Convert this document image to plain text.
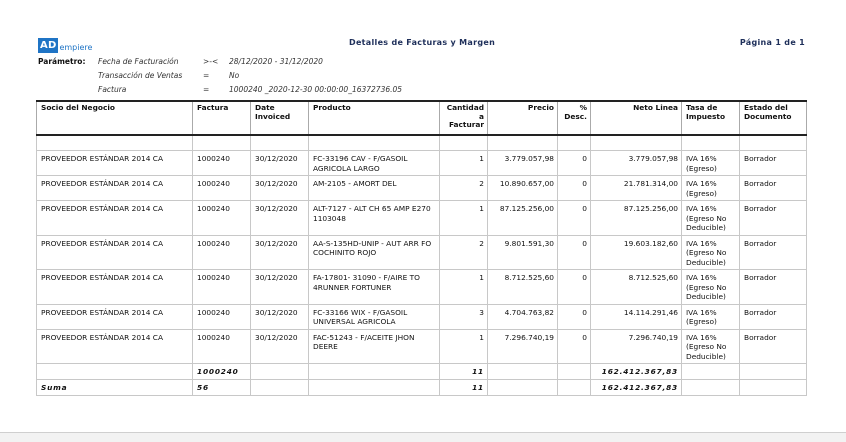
AD empiere	Detalles de Facturas y Margen	Página 1 de 1
Parámetro: Fecha de Facturación	>-< 28/12/2020 - 31/12/2020
Transacción de Ventas	=	No
Factura	=	1000240 _2020-12-30 00:00:00_16372736.05
Socio del Negocio	Factura	Date Invoiced	Producto	Cantidad a Facturar	Precio	% Desc.	Neto Linea	Tasa de Impuesto	Estado del Documento

PROVEEDOR ESTÁNDAR 2014 CA	1000240	30/12/2020	FC-33196 CAV - F/GASOIL AGRICOLA LARGO	1	3.779.057,98	0	3.779.057,98	IVA 16% (Egreso)	Borrador
PROVEEDOR ESTÁNDAR 2014 CA	1000240	30/12/2020	AM-2105 - AMORT DEL	2	10.890.657,00	0	21.781.314,00	IVA 16% (Egreso)	Borrador
PROVEEDOR ESTÁNDAR 2014 CA	1000240	30/12/2020	ALT-7127 - ALT CH 65 AMP E270 1103048	1	87.125.256,00	0	87.125.256,00	IVA 16% (Egreso No Deducible)	Borrador
PROVEEDOR ESTÁNDAR 2014 CA	1000240	30/12/2020	AA-S-135HD-UNIP - AUT ARR FO COCHINITO ROJO	2	9.801.591,30	0	19.603.182,60	IVA 16% (Egreso No Deducible)	Borrador
PROVEEDOR ESTÁNDAR 2014 CA	1000240	30/12/2020	FA-17801- 31090 - F/AIRE TO 4RUNNER FORTUNER	1	8.712.525,60	0	8.712.525,60	IVA 16% (Egreso No Deducible)	Borrador
PROVEEDOR ESTÁNDAR 2014 CA	1000240	30/12/2020	FC-33166 WIX - F/GASOIL UNIVERSAL AGRICOLA	3	4.704.763,82	0	14.114.291,46	IVA 16% (Egreso)	Borrador
PROVEEDOR ESTÁNDAR 2014 CA	1000240	30/12/2020	FAC-51243 - F/ACEITE JHON DEERE	1	7.296.740,19	0	7.296.740,19	IVA 16% (Egreso No Deducible)	Borrador
	1000240			11			162.412.367,83		
Suma	56			11			162.412.367,83		
